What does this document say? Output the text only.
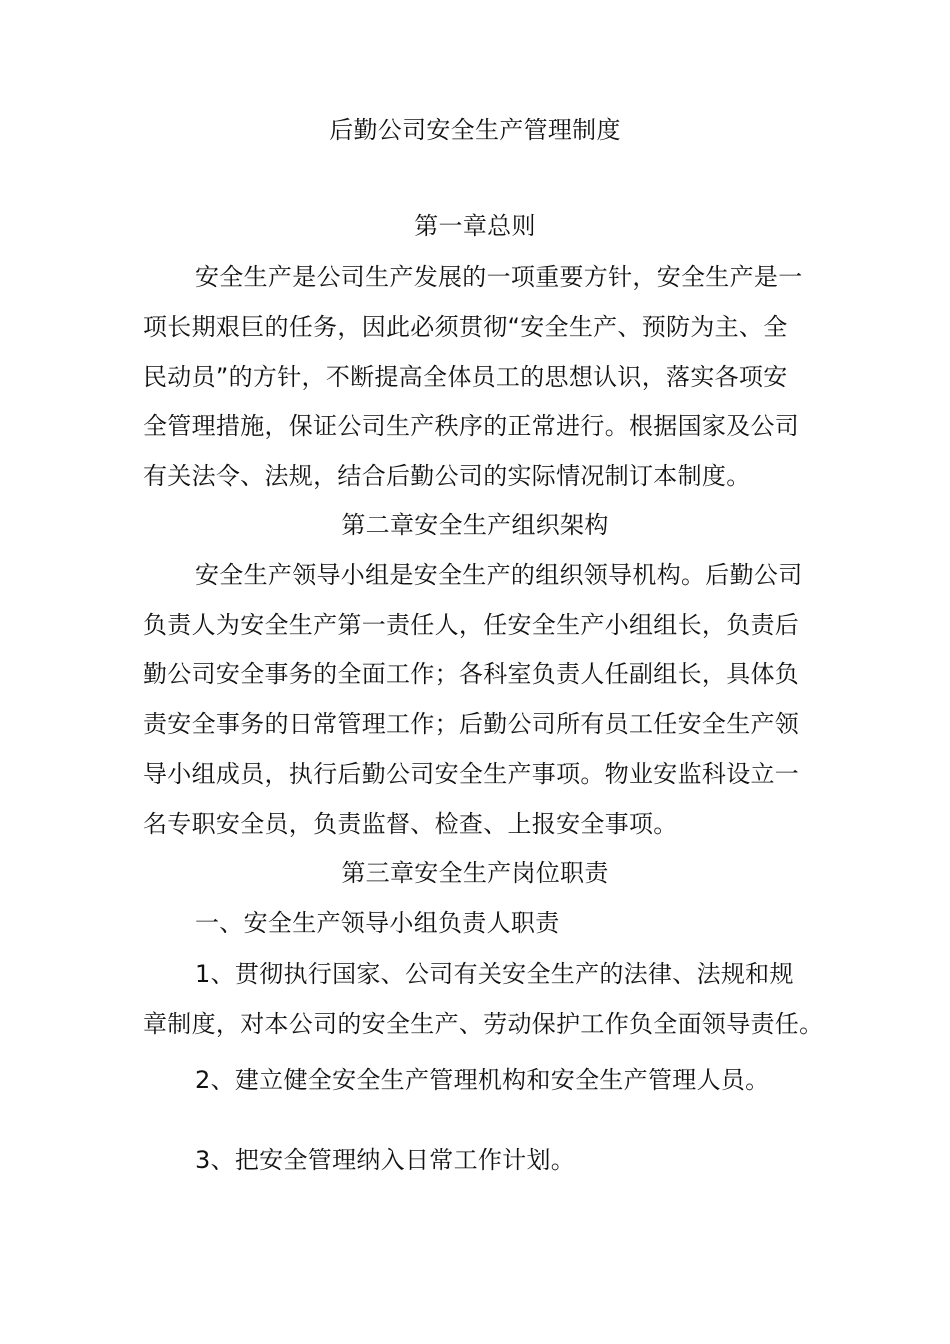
后勤公司安全生产管理制度
第一章总则
安全生产是公司生产发展的一项重要方针，安全生产是一
项长期艰巨的任务，因此必须贯彻“安全生产、预防为主、全
民动员”的方针，不断提高全体员工的思想认识，落实各项安
全管理措施，保证公司生产秩序的正常进行。根据国家及公司
有关法令、法规，结合后勤公司的实际情况制订本制度。
第二章安全生产组织架构
安全生产领导小组是安全生产的组织领导机构。后勤公司
负责人为安全生产第一责任人，任安全生产小组组长，负责后
勤公司安全事务的全面工作；各科室负责人任副组长，具体负
责安全事务的日常管理工作；后勤公司所有员工任安全生产领
导小组成员，执行后勤公司安全生产事项。物业安监科设立一
名专职安全员，负责监督、检查、上报安全事项。
第三章安全生产岗位职责
一、安全生产领导小组负责人职责
1、贯彻执行国家、公司有关安全生产的法律、法规和规
章制度，对本公司的安全生产、劳动保护工作负全面领导责任。
2、建立健全安全生产管理机构和安全生产管理人员。
3、把安全管理纳入日常工作计划。
